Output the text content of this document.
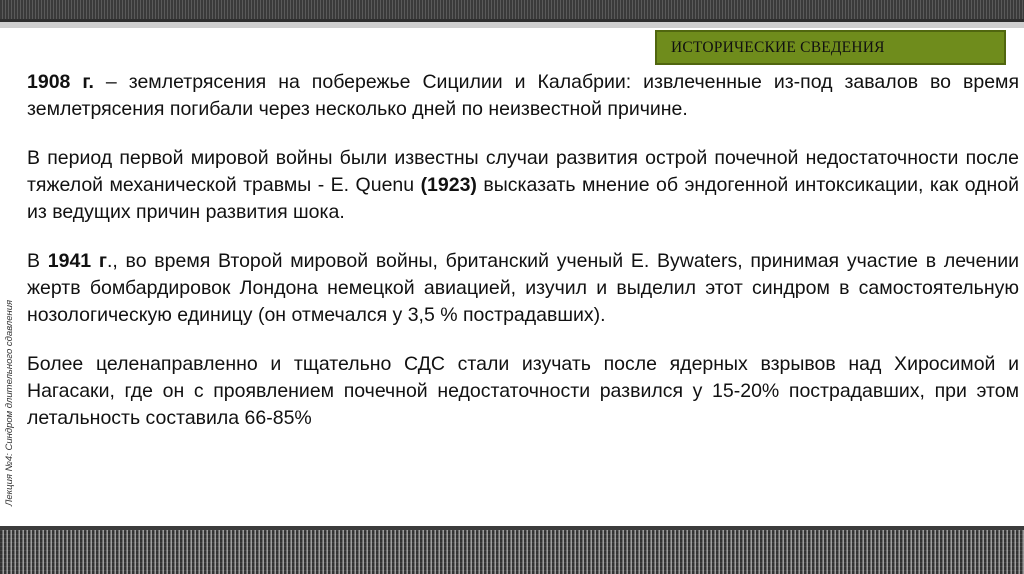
ИСТОРИЧЕСКИЕ СВЕДЕНИЯ
Лекция №4: Синдром длительного сдавления

1908 г. – землетрясения на побережье Сицилии и Калабрии: извлеченные из-под завалов во время землетрясения погибали через несколько дней по неизвестной причине.

В период первой мировой войны были известны случаи развития острой почечной недостаточности после тяжелой механической травмы - E. Quenu (1923) высказать мнение об эндогенной интоксикации, как одной из ведущих причин развития шока.

В 1941 г., во время Второй мировой войны, британский ученый E. Bywaters, принимая участие в лечении жертв бомбардировок Лондона немецкой авиацией, изучил и выделил этот синдром в самостоятельную нозологическую единицу (он отмечался у 3,5 % пострадавших).

Более целенаправленно и тщательно СДС стали изучать после ядерных взрывов над Хиросимой и Нагасаки, где он с проявлением почечной недостаточности развился у 15-20% пострадавших, при этом летальность составила 66-85%
